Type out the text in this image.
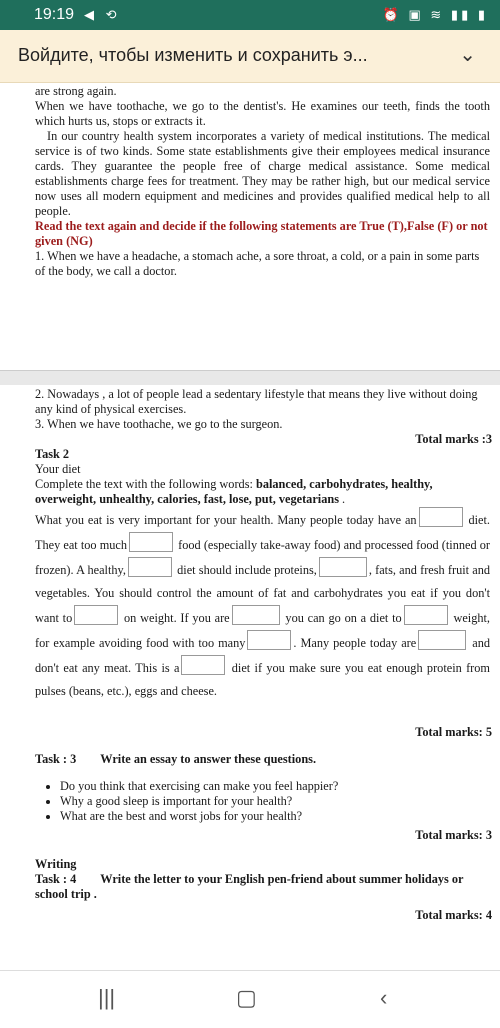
19:19 ◀ ⟲	⏰ ▣ ≋ ▮▮ ▮
Войдите, чтобы изменить и сохранить э...	⌄

are strong again.

When we have toothache, we go to the dentist's. He examines our teeth, finds the tooth which hurts us, stops or extracts it.

In our country health system incorporates a variety of medical institutions. The medical service is of two kinds. Some state establishments give their employees medical insurance cards. They guarantee the people free of charge medical assistance. Some medical establishments charge fees for treatment. They may be rather high, but our medical service now uses all modern equipment and medicines and provides qualified medical help to all people.

Read the text again and decide if the following statements are True (T),False (F) or not given (NG)

1. When we have a headache, a stomach ache, a sore throat, a cold, or a pain in some parts of the body, we call a doctor.

2. Nowadays , a lot of people lead a sedentary lifestyle that means they live without doing any kind of physical exercises.

3. When we have toothache, we go to the surgeon.

Total marks :3

Task 2

Your diet

Complete the text with the following words: balanced, carbohydrates, healthy, overweight, unhealthy, calories, fast, lose, put, vegetarians .

What you eat is very important for your health. Many people today have an	diet. They eat too much	food (especially take-away food) and processed food (tinned or frozen). A healthy,	diet should include proteins,	, fats, and fresh fruit and vegetables. You should control the amount of fat and carbohydrates you eat if you don't want to	on weight. If you are	you can go on a diet to	weight, for example avoiding food with too many	. Many people today are	and don't eat any meat. This is a	diet if you make sure you eat enough protein from pulses (beans, etc.), eggs and cheese.

Total marks: 5

Task : 3 Write an essay to answer these questions.

• Do you think that exercising can make you feel happier?
• Why a good sleep is important for your health?
• What are the best and worst jobs for your health?

Total marks: 3

Writing

Task : 4 Write the letter to your English pen-friend about summer holidays or school trip .

Total marks: 4

|||	▢	‹
